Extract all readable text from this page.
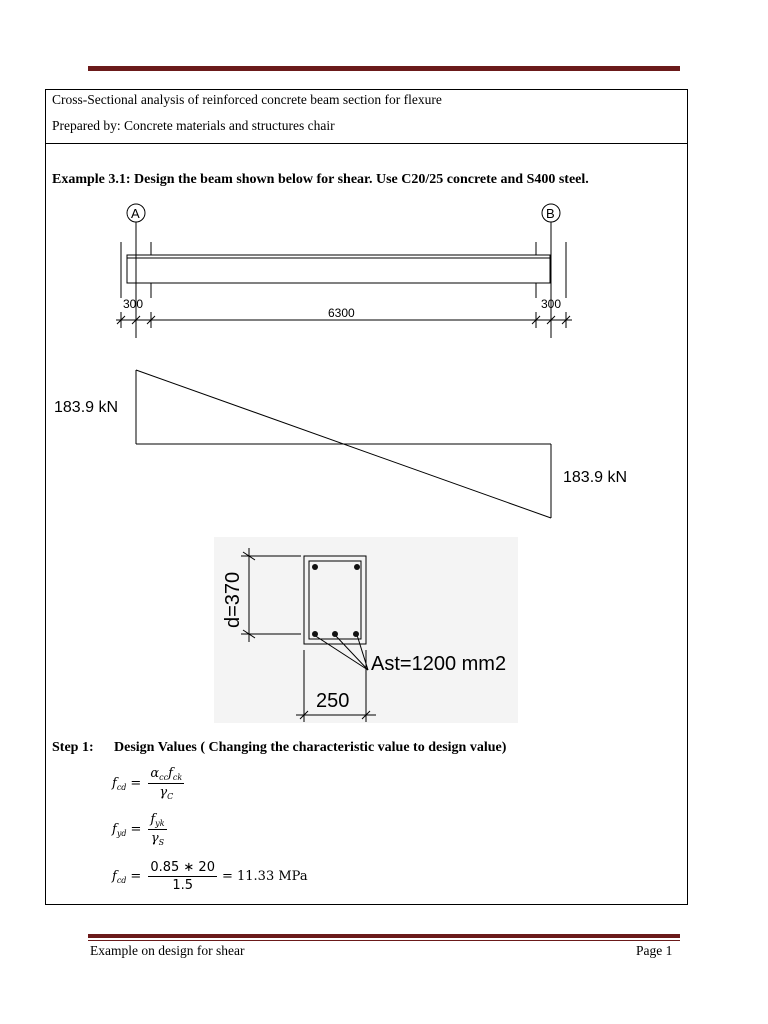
Cross-Sectional analysis of reinforced concrete beam section for flexure
Prepared by: Concrete materials and structures chair
Example 3.1: Design the beam shown below for shear. Use C20/25 concrete and S400 steel.
A	B
300	300
6300
183.9 kN
183.9 kN
d=370
250
Ast=1200 mm2
Step 1: Design Values ( Changing the characteristic value to design value)
$f_{cd} = \frac{\alpha_{cc}f_{ck}}{\gamma_C}$
$f_{yd} = \frac{f_{yk}}{\gamma_S}$
$f_{cd} = \frac{0.85 ∗ 20}{1.5} = 11.33$ MPa
Example on design for shear	Page 1
